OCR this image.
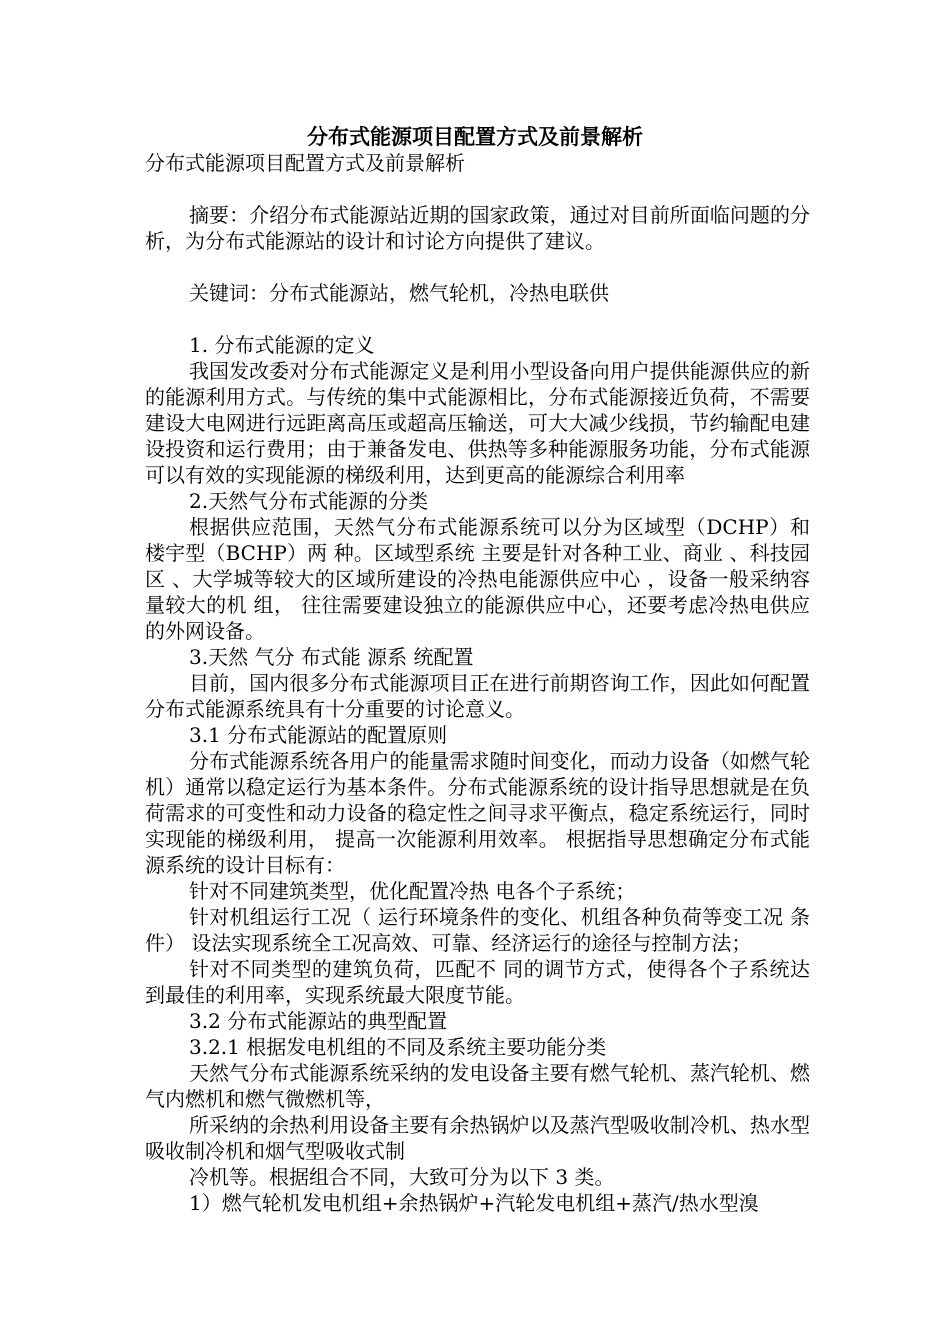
分布式能源项目配置方式及前景解析

分布式能源项目配置方式及前景解析

摘要：介绍分布式能源站近期的国家政策，通过对目前所面临问题的分析，为分布式能源站的设计和讨论方向提供了建议。

关键词：分布式能源站，燃气轮机，冷热电联供

1. 分布式能源的定义

我国发改委对分布式能源定义是利用小型设备向用户提供能源供应的新的能源利用方式。与传统的集中式能源相比，分布式能源接近负荷，不需要建设大电网进行远距离高压或超高压输送，可大大减少线损，节约输配电建设投资和运行费用；由于兼备发电、供热等多种能源服务功能，分布式能源可以有效的实现能源的梯级利用，达到更高的能源综合利用率

2.天然气分布式能源的分类

根据供应范围，天然气分布式能源系统可以分为区域型（DCHP）和 楼宇型（BCHP）两 种。区域型系统 主要是针对各种工业、商业 、科技园区 、大学城等较大的区域所建设的冷热电能源供应中心 ，设备一般采纳容量较大的机 组， 往往需要建设独立的能源供应中心，还要考虑冷热电供应的外网设备。

3.天然 气分 布式能 源系 统配置

目前，国内很多分布式能源项目正在进行前期咨询工作，因此如何配置分布式能源系统具有十分重要的讨论意义。

3.1 分布式能源站的配置原则

分布式能源系统各用户的能量需求随时间变化，而动力设备（如燃气轮机）通常以稳定运行为基本条件。分布式能源系统的设计指导思想就是在负荷需求的可变性和动力设备的稳定性之间寻求平衡点，稳定系统运行，同时实现能的梯级利用， 提高一次能源利用效率。 根据指导思想确定分布式能源系统的设计目标有：

针对不同建筑类型，优化配置冷热 电各个子系统；

针对机组运行工况（ 运行环境条件的变化、机组各种负荷等变工况 条件） 设法实现系统全工况高效、可靠、经济运行的途径与控制方法；

针对不同类型的建筑负荷，匹配不 同的调节方式，使得各个子系统达到最佳的利用率，实现系统最大限度节能。

3.2 分布式能源站的典型配置

3.2.1 根据发电机组的不同及系统主要功能分类

天然气分布式能源系统采纳的发电设备主要有燃气轮机、蒸汽轮机、燃气内燃机和燃气微燃机等，

所采纳的余热利用设备主要有余热锅炉以及蒸汽型吸收制冷机、热水型吸收制冷机和烟气型吸收式制

冷机等。根据组合不同，大致可分为以下 3 类。

1）燃气轮机发电机组+余热锅炉+汽轮发电机组+蒸汽/热水型溴
